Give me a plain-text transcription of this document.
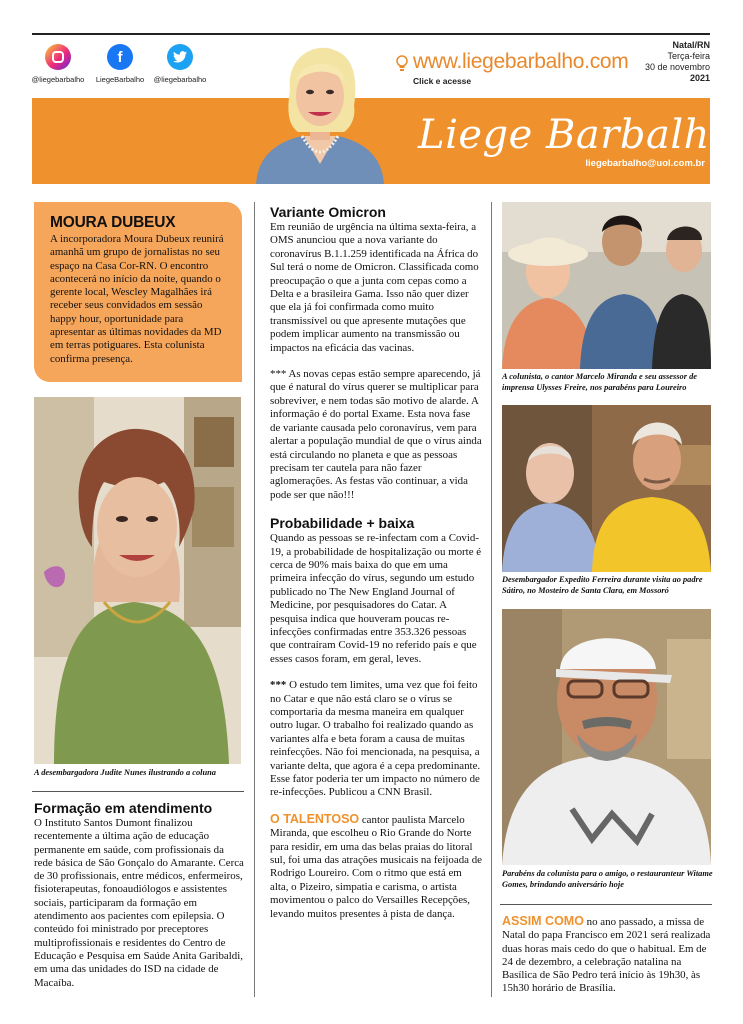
@liegebarbalho
f
LiegeBarbalho	@liegebarbalho
www.liegebarbalho.com
Click e acesse
Natal/RN
Terça-feira
30 de novembro
2021
Liege Barbalho
liegebarbalho@uol.com.br
MOURA DUBEUX

A incorporadora Moura Dubeux reunirá amanhã um grupo de jornalistas no seu espaço na Casa Cor-RN. O encontro acontecerá no início da noite, quando o gerente local, Wescley Magalhães irá receber seus convidados em sessão happy hour, oportunidade para apresentar as últimas novidades da MD em terras potiguares. Esta colunista confirma presença.

A desembargadora Judite Nunes ilustrando a coluna
Formação em atendimento

O Instituto Santos Dumont finalizou recentemente a última ação de educação permanente em saúde, com profissionais da rede básica de São Gonçalo do Amarante. Cerca de 30 profissionais, entre médicos, enfermeiros, fisioterapeutas, fonoaudiólogos e assistentes sociais, participaram da formação em atendimento aos pacientes com epilepsia. O conteúdo foi ministrado por preceptores multiprofissionais e residentes do Centro de Educação e Pesquisa em Saúde Anita Garibaldi, em uma das unidades do ISD na cidade de Macaíba.

Variante Omicron

Em reunião de urgência na última sexta-feira, a OMS anunciou que a nova variante do coronavírus B.1.1.259 identificada na África do Sul terá o nome de Omicron. Classificada como preocupação o que a junta com cepas como a Delta e a brasileira Gama. Isso não quer dizer que ela já foi confirmada como muito transmissível ou que apresente mutações que podem implicar aumento na transmissão ou impactos na eficácia das vacinas.

*** As novas cepas estão sempre aparecendo, já que é natural do vírus querer se multiplicar para sobreviver, e nem todas são motivo de alarde. A informação é do portal Exame. Esta nova fase de variante causada pelo coronavírus, vem para alertar a população mundial de que o vírus ainda está circulando no planeta e que as pessoas precisam ter cautela para não fazer aglomerações. As festas vão continuar, a vida pode ser que não!!!

Probabilidade + baixa

Quando as pessoas se re-infectam com a Covid-19, a probabilidade de hospitalização ou morte é cerca de 90% mais baixa do que em uma primeira infecção do vírus, segundo um estudo publicado no The New England Journal of Medicine, por pesquisadores do Catar. A pesquisa indica que houveram poucas re-infecções confirmadas entre 353.326 pessoas que contraíram Covid-19 no referido país e que esses casos foram, em geral, leves.

*** O estudo tem limites, uma vez que foi feito no Catar e que não está claro se o vírus se comportaria da mesma maneira em qualquer outro lugar. O trabalho foi realizado quando as variantes alfa e beta foram a causa de muitas reinfecções. Não foi mencionada, na pesquisa, a variante delta, que agora é a cepa predominante. Esse fator poderia ter um impacto no número de re-infecções. Publicou a CNN Brasil.

O TALENTOSO cantor paulista Marcelo Miranda, que escolheu o Rio Grande do Norte para residir, em uma das belas praias do litoral sul, foi uma das atrações musicais na feijoada de Rodrigo Loureiro. Com o ritmo que está em alta, o Pizeiro, simpatia e carisma, o artista movimentou o palco do Versailles Recepções, levando muitos presentes à pista de dança.

A colunista, o cantor Marcelo Miranda e seu assessor de imprensa Ulysses Freire, nos parabéns para Loureiro
Desembargador Expedito Ferreira durante visita ao padre Sátiro, no Mosteiro de Santa Clara, em Mossoró
Parabéns da colunista para o amigo, o restauranteur Witame Gomes, brindando aniversário hoje

ASSIM COMO no ano passado, a missa de Natal do papa Francisco em 2021 será realizada duas horas mais cedo do que o habitual. Em de 24 de dezembro, a celebração natalina na Basílica de São Pedro terá início às 19h30, às 15h30 horário de Brasília.
